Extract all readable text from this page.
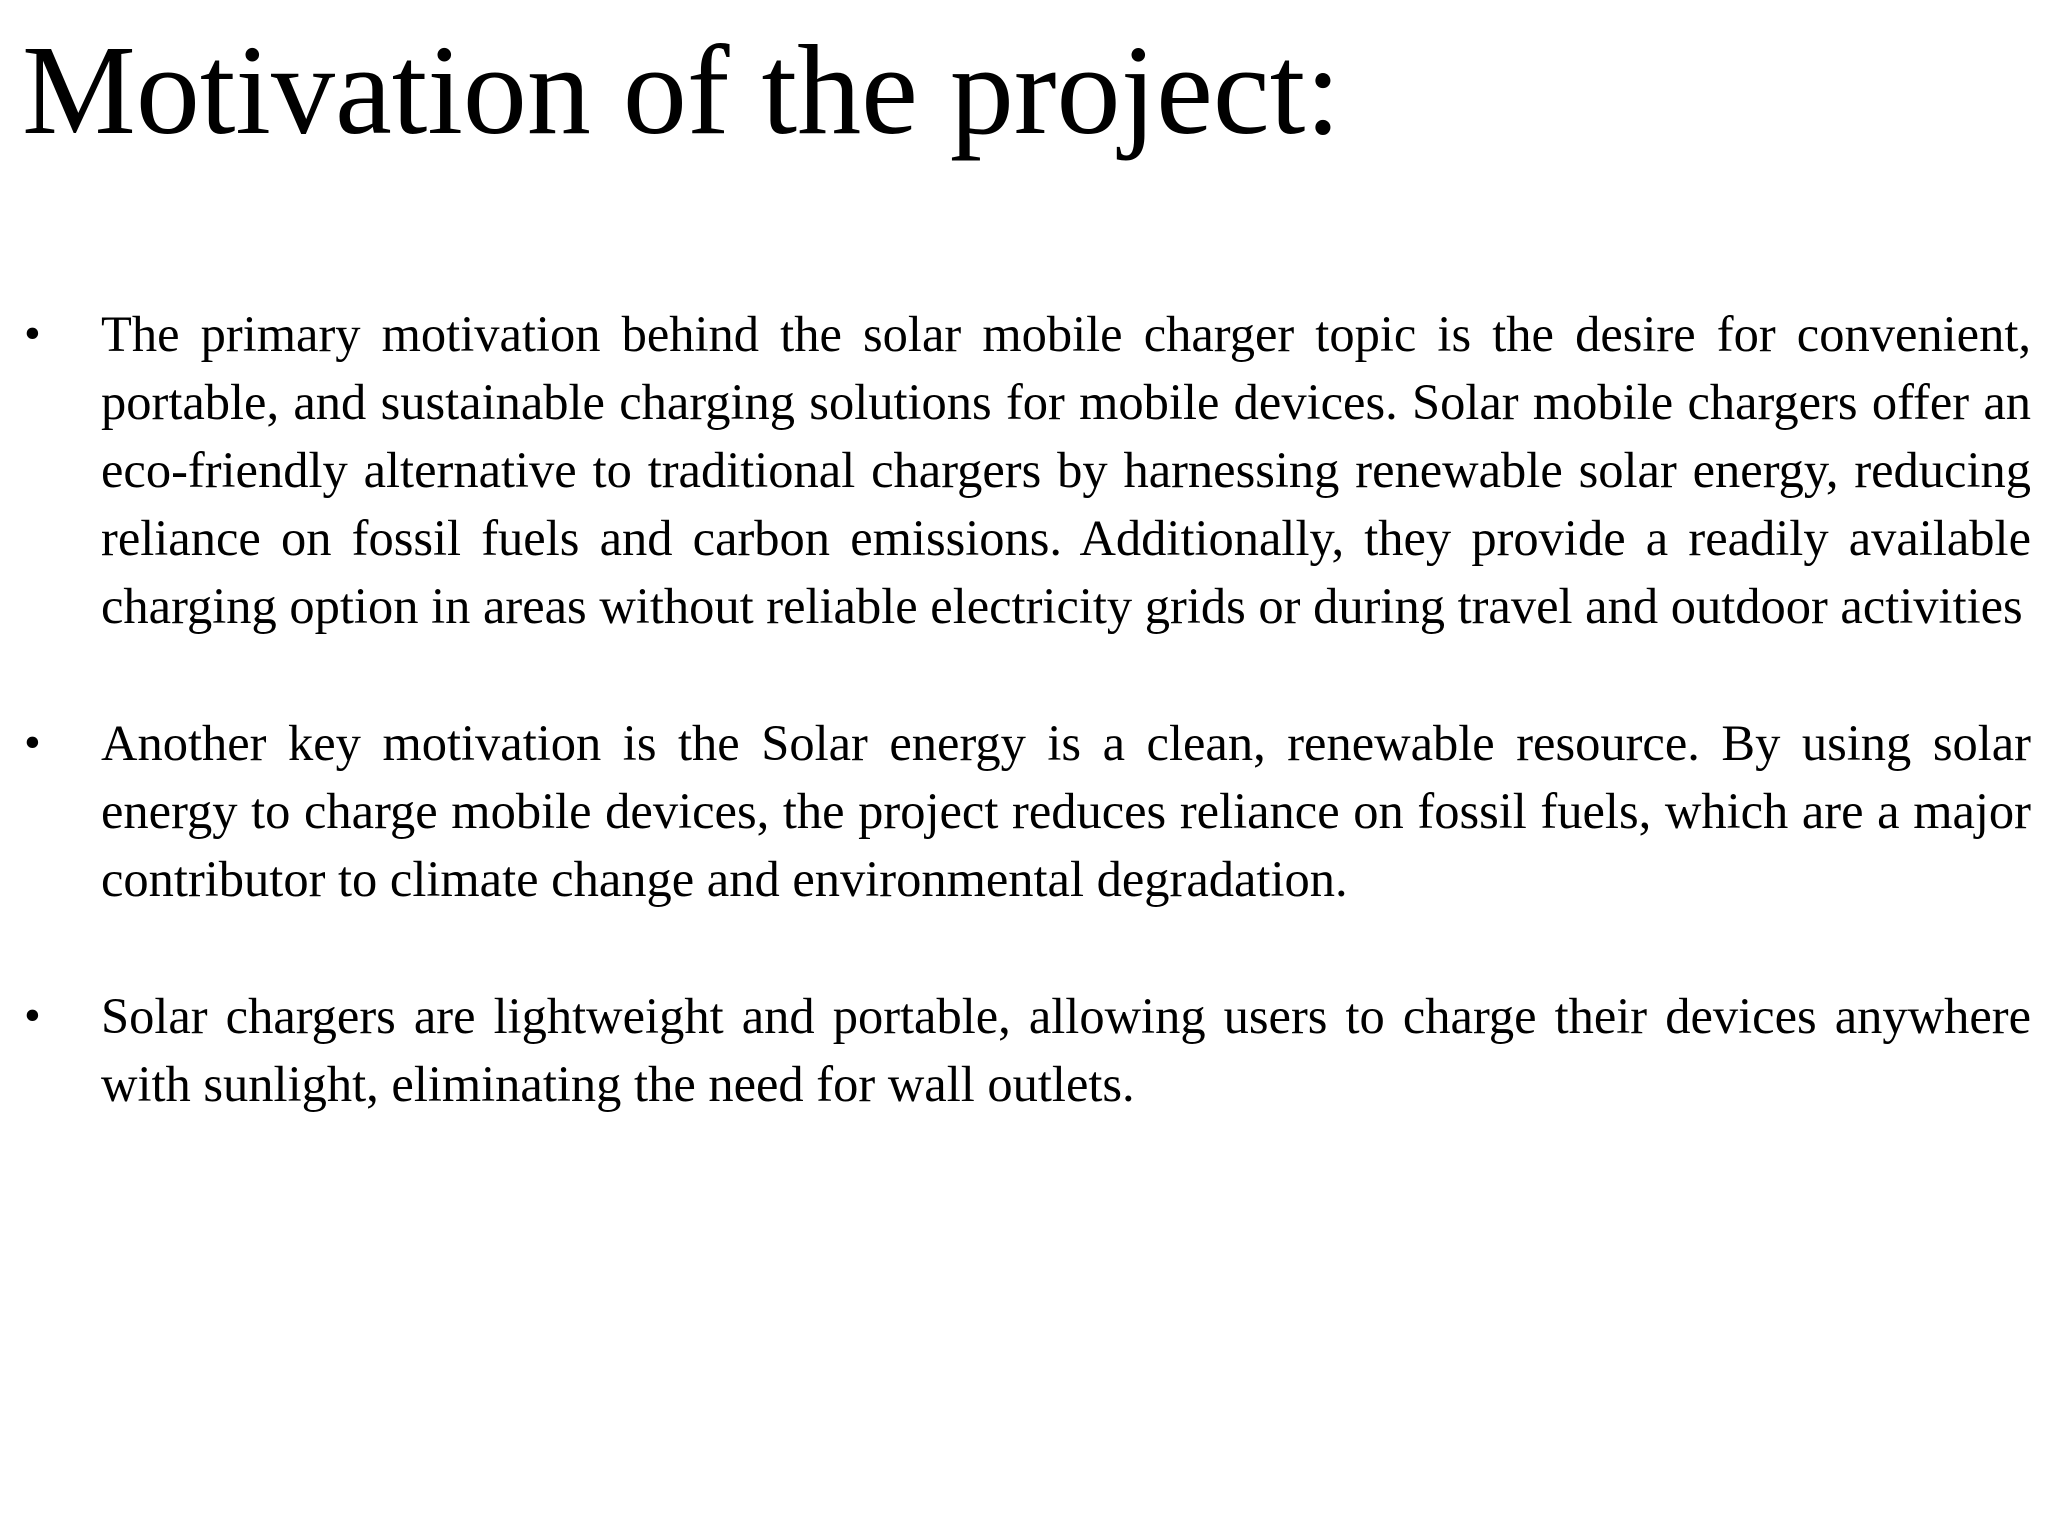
Motivation of the project:
• The primary motivation behind the solar mobile charger topic is the desire for convenient, portable, and sustainable charging solutions for mobile devices. Solar mobile chargers offer an eco-friendly alternative to traditional chargers by harnessing renewable solar energy, reducing reliance on fossil fuels and carbon emissions. Additionally, they provide a readily available charging option in areas without reliable electricity grids or during travel and outdoor activities
• Another key motivation is the Solar energy is a clean, renewable resource. By using solar energy to charge mobile devices, the project reduces reliance on fossil fuels, which are a major contributor to climate change and environmental degradation.
• Solar chargers are lightweight and portable, allowing users to charge their devices anywhere with sunlight, eliminating the need for wall outlets.
